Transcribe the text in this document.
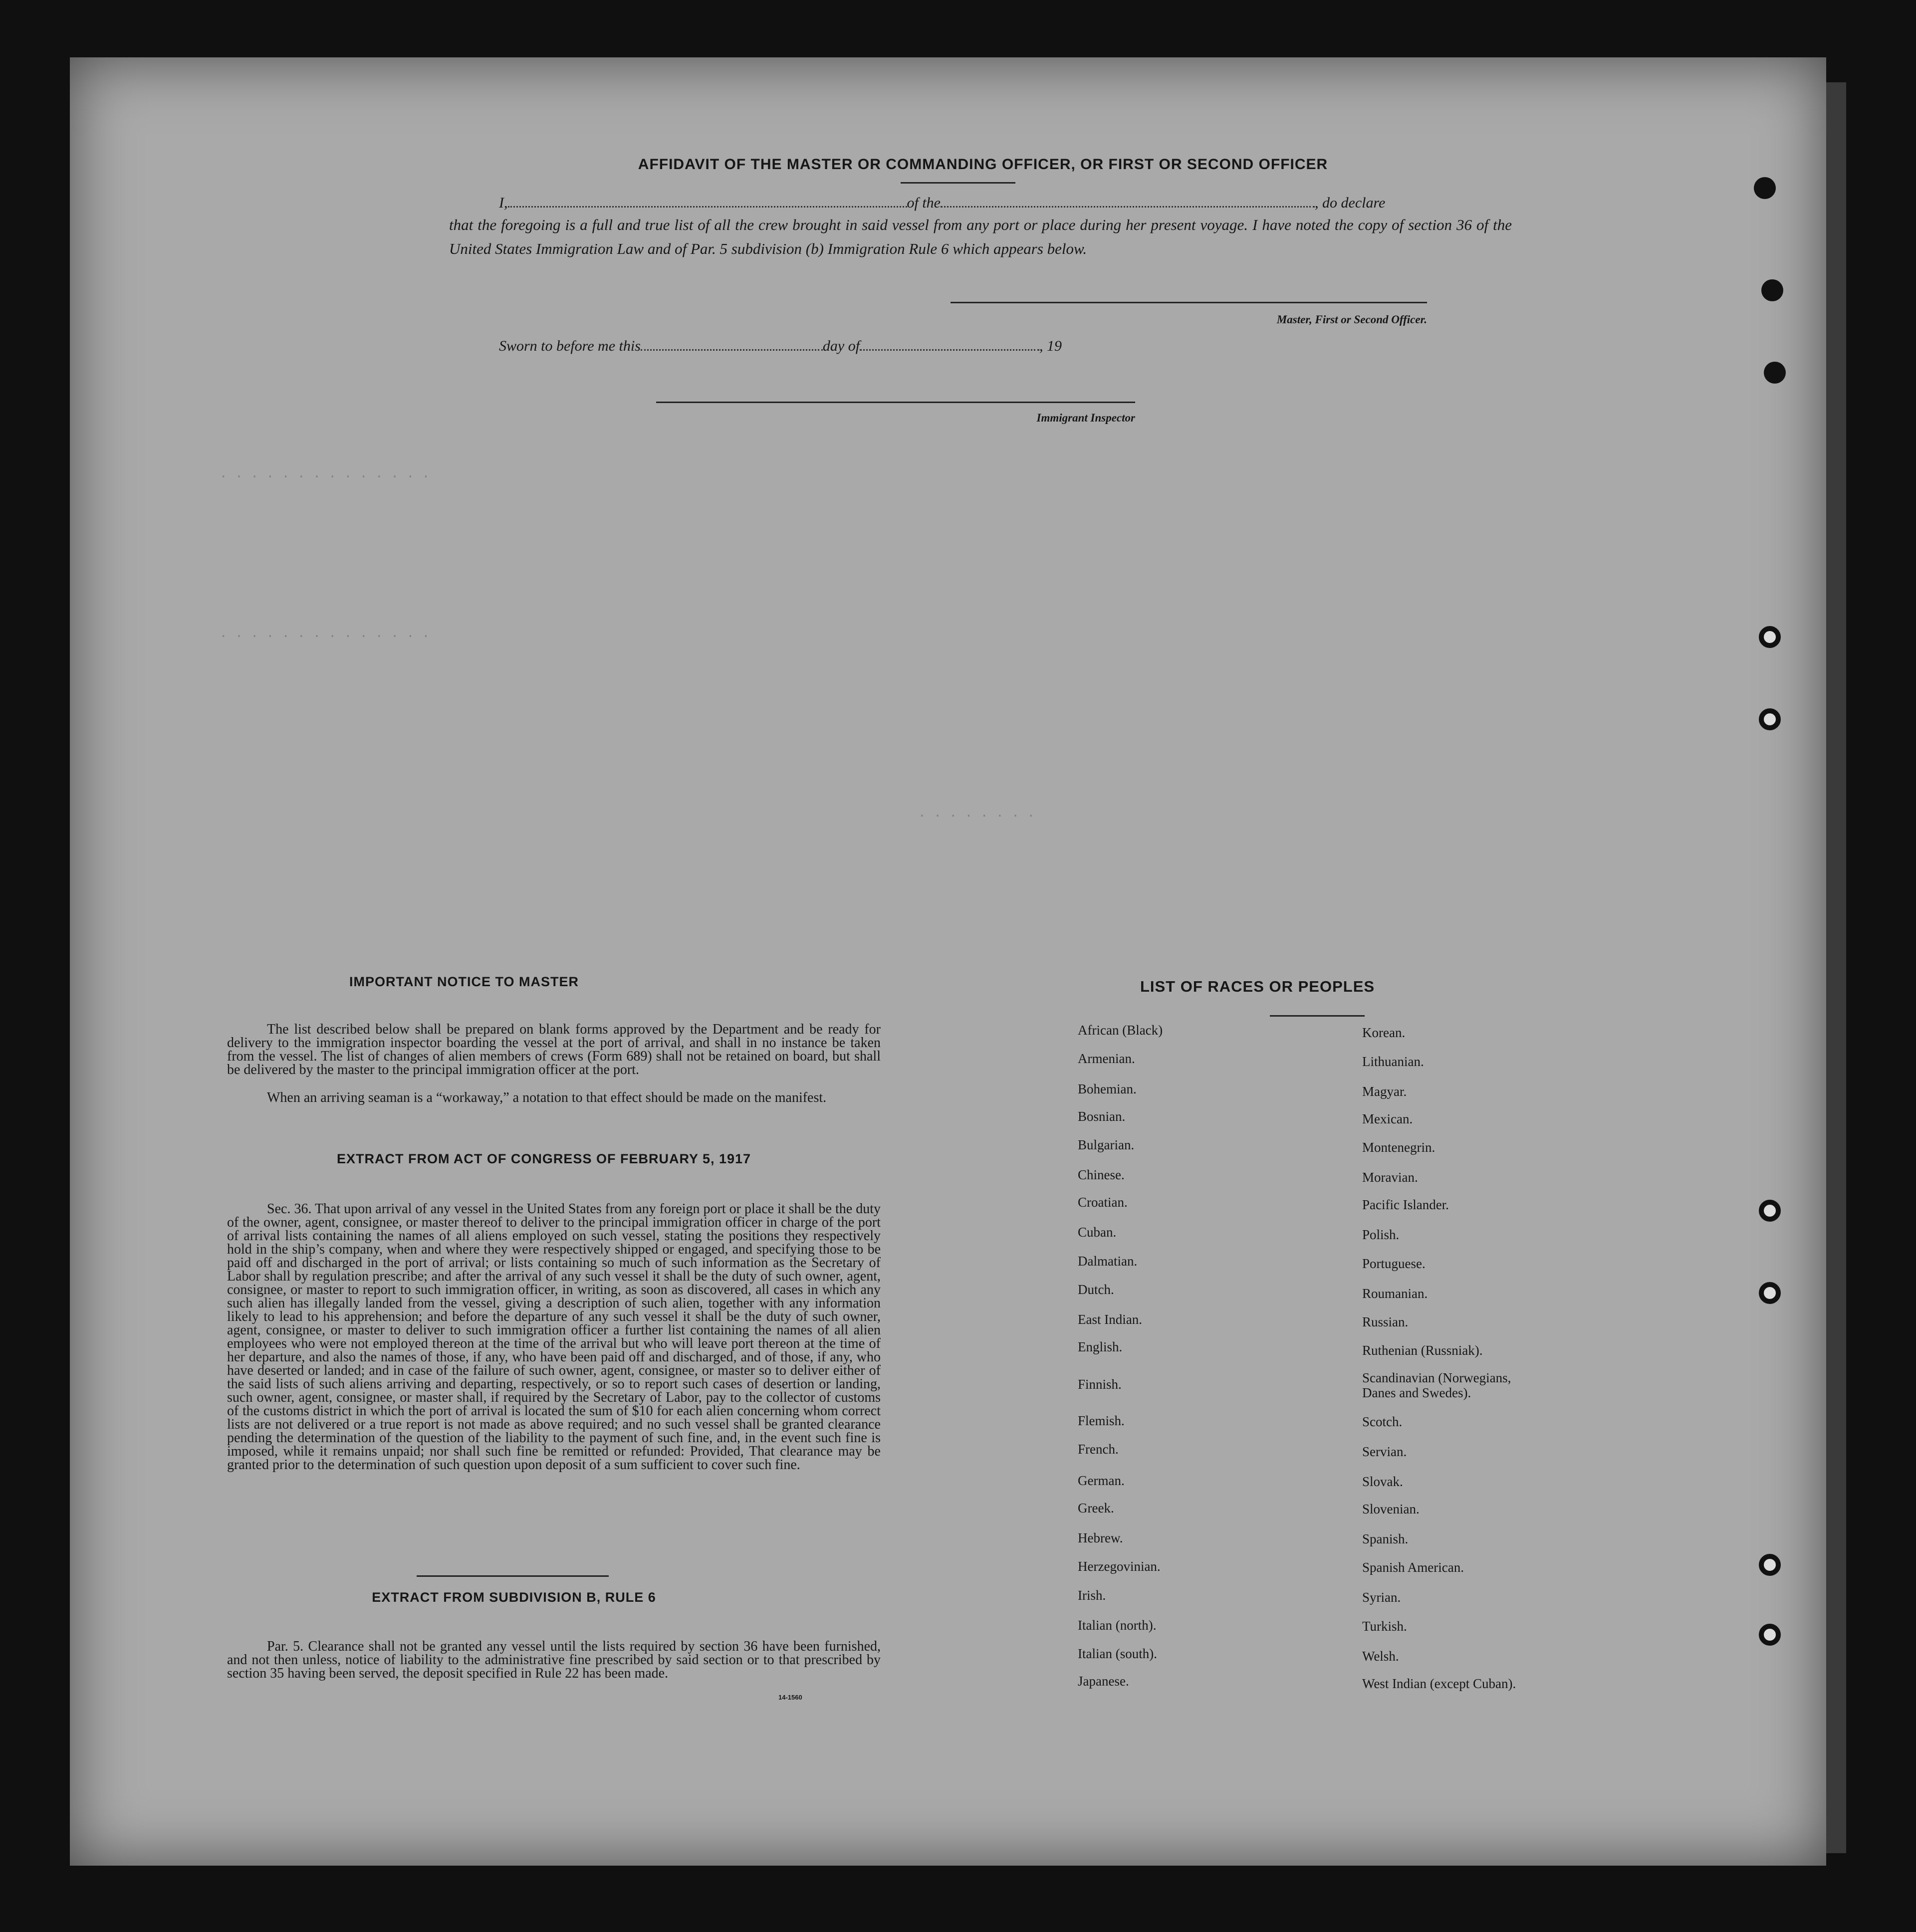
. . . . . . . . . . . . . .
. . . . . . . . . . . . . .
. . . . . . . .
AFFIDAVIT OF THE MASTER OR COMMANDING OFFICER, OR FIRST OR SECOND OFFICER
I,	of the	, do declare
that the foregoing is a full and true list of all the crew brought in said vessel from any port or place during her present voyage. I have noted the copy of section 36 of the United States Immigration Law and of Par. 5 subdivision (b) Immigration Rule 6 which appears below.
Master, First or Second Officer.
Sworn to before me this	day of	, 19
Immigrant Inspector
IMPORTANT NOTICE TO MASTER
The list described below shall be prepared on blank forms approved by the Department and be ready for delivery to the immigration inspector boarding the vessel at the port of arrival, and shall in no instance be taken from the vessel. The list of changes of alien members of crews (Form 689) shall not be retained on board, but shall be delivered by the master to the principal immigration officer at the port.
When an arriving seaman is a “workaway,” a notation to that effect should be made on the manifest.
EXTRACT FROM ACT OF CONGRESS OF FEBRUARY 5, 1917
Sec. 36. That upon arrival of any vessel in the United States from any foreign port or place it shall be the duty of the owner, agent, consignee, or master thereof to deliver to the principal immigration officer in charge of the port of arrival lists containing the names of all aliens employed on such vessel, stating the positions they respectively hold in the ship’s company, when and where they were respectively shipped or engaged, and specifying those to be paid off and discharged in the port of arrival; or lists containing so much of such information as the Secretary of Labor shall by regulation prescribe; and after the arrival of any such vessel it shall be the duty of such owner, agent, consignee, or master to report to such immigration officer, in writing, as soon as discovered, all cases in which any such alien has illegally landed from the vessel, giving a description of such alien, together with any information likely to lead to his apprehension; and before the departure of any such vessel it shall be the duty of such owner, agent, consignee, or master to deliver to such immigration officer a further list containing the names of all alien employees who were not employed thereon at the time of the arrival but who will leave port thereon at the time of her departure, and also the names of those, if any, who have been paid off and discharged, and of those, if any, who have deserted or landed; and in case of the failure of such owner, agent, consignee, or master so to deliver either of the said lists of such aliens arriving and departing, respectively, or so to report such cases of desertion or landing, such owner, agent, consignee, or master shall, if required by the Secretary of Labor, pay to the collector of customs of the customs district in which the port of arrival is located the sum of $10 for each alien concerning whom correct lists are not delivered or a true report is not made as above required; and no such vessel shall be granted clearance pending the determination of the question of the liability to the payment of such fine, and, in the event such fine is imposed, while it remains unpaid; nor shall such fine be remitted or refunded: Provided, That clearance may be granted prior to the determination of such question upon deposit of a sum sufficient to cover such fine.
EXTRACT FROM SUBDIVISION B, RULE 6
Par. 5. Clearance shall not be granted any vessel until the lists required by section 36 have been furnished, and not then unless, notice of liability to the administrative fine prescribed by said section or to that prescribed by section 35 having been served, the deposit specified in Rule 22 has been made.
14-1560
LIST OF RACES OR PEOPLES
African (Black)
Armenian.
Bohemian.
Bosnian.
Bulgarian.
Chinese.
Croatian.
Cuban.
Dalmatian.
Dutch.
East Indian.
English.
Finnish.
Flemish.
French.
German.
Greek.
Hebrew.
Herzegovinian.
Irish.
Italian (north).
Italian (south).
Japanese.
Korean.
Lithuanian.
Magyar.
Mexican.
Montenegrin.
Moravian.
Pacific Islander.
Polish.
Portuguese.
Roumanian.
Russian.
Ruthenian (Russniak).
Scandinavian (Norwegians,
Danes and Swedes).
Scotch.
Servian.
Slovak.
Slovenian.
Spanish.
Spanish American.
Syrian.
Turkish.
Welsh.
West Indian (except Cuban).
